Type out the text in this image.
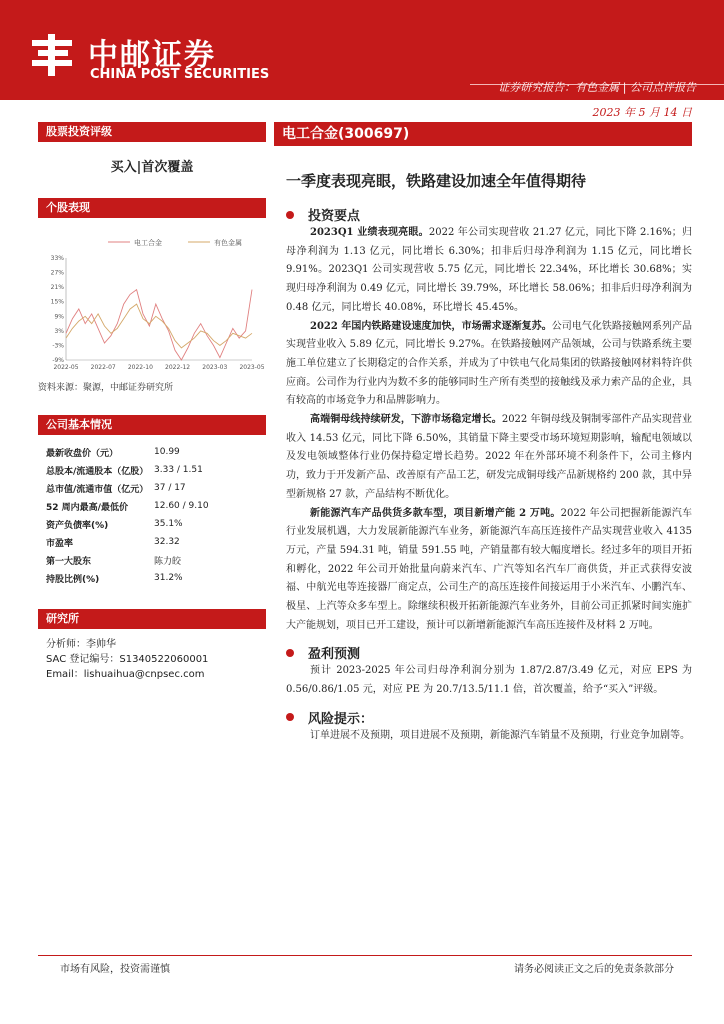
中邮证券
CHINA POST SECURITIES
证券研究报告：有色金属 | 公司点评报告
2023 年 5 月 14 日
股票投资评级
买入|首次覆盖
个股表现
电工合金	有色金属
33%
27%
21%
15%
9%
3%
-3%
-9%
2022-05 2022-07 2022-10 2022-12 2023-03 2023-05
资料来源：聚源，中邮证券研究所
公司基本情况
最新收盘价（元）	10.99
总股本/流通股本（亿股）	3.33 / 1.51
总市值/流通市值（亿元）	37 / 17
52 周内最高/最低价	12.60 / 9.10
资产负债率(%)	35.1%
市盈率	32.32
第一大股东	陈力皎
持股比例(%)	31.2%
研究所
分析师：李帅华
SAC 登记编号：S1340522060001
Email：lishuaihua@cnpsec.com
电工合金(300697)
一季度表现亮眼，铁路建设加速全年值得期待
投资要点

2023Q1 业绩表现亮眼。2022 年公司实现营收 21.27 亿元，同比下降 2.16%；归母净利润为 1.13 亿元，同比增长 6.30%；扣非后归母净利润为 1.15 亿元，同比增长 9.91%。2023Q1 公司实现营收 5.75 亿元，同比增长 22.34%，环比增长 30.68%；实现归母净利润为 0.49 亿元，同比增长 39.79%，环比增长 58.06%；扣非后归母净利润为 0.48 亿元，同比增长 40.08%，环比增长 45.45%。

2022 年国内铁路建设速度加快，市场需求逐渐复苏。公司电气化铁路接触网系列产品实现营业收入 5.89 亿元，同比增长 9.27%。在铁路接触网产品领域，公司与铁路系统主要施工单位建立了长期稳定的合作关系，并成为了中铁电气化局集团的铁路接触网材料特许供应商。公司作为行业内为数不多的能够同时生产所有类型的接触线及承力索产品的企业，具有较高的市场竞争力和品牌影响力。

高端铜母线持续研发，下游市场稳定增长。2022 年铜母线及铜制零部件产品实现营业收入 14.53 亿元，同比下降 6.50%，其销量下降主要受市场环境短期影响，输配电领域以及发电领域整体行业仍保持稳定增长趋势。2022 年在外部环境不利条件下，公司主修内功，致力于开发新产品、改善原有产品工艺，研发完成铜母线产品新规格约 200 款，其中异型新规格 27 款，产品结构不断优化。

新能源汽车产品供货多款车型，项目新增产能 2 万吨。2022 年公司把握新能源汽车行业发展机遇，大力发展新能源汽车业务，新能源汽车高压连接件产品实现营业收入 4135 万元，产量 594.31 吨，销量 591.55 吨，产销量都有较大幅度增长。经过多年的项目开拓和孵化，2022 年公司开始批量向蔚来汽车、广汽等知名汽车厂商供货，并正式获得安波福、中航光电等连接器厂商定点，公司生产的高压连接件间接运用于小米汽车、小鹏汽车、极星、上汽等众多车型上。除继续积极开拓新能源汽车业务外，目前公司正抓紧时间实施扩大产能规划，项目已开工建设，预计可以新增新能源汽车高压连接件及材料 2 万吨。

盈利预测

预计 2023-2025 年公司归母净利润分别为 1.87/2.87/3.49 亿元，对应 EPS 为 0.56/0.86/1.05 元，对应 PE 为 20.7/13.5/11.1 倍，首次覆盖，给予“买入”评级。

风险提示：

订单进展不及预期，项目进展不及预期，新能源汽车销量不及预期，行业竞争加剧等。

市场有风险，投资需谨慎	请务必阅读正文之后的免责条款部分
